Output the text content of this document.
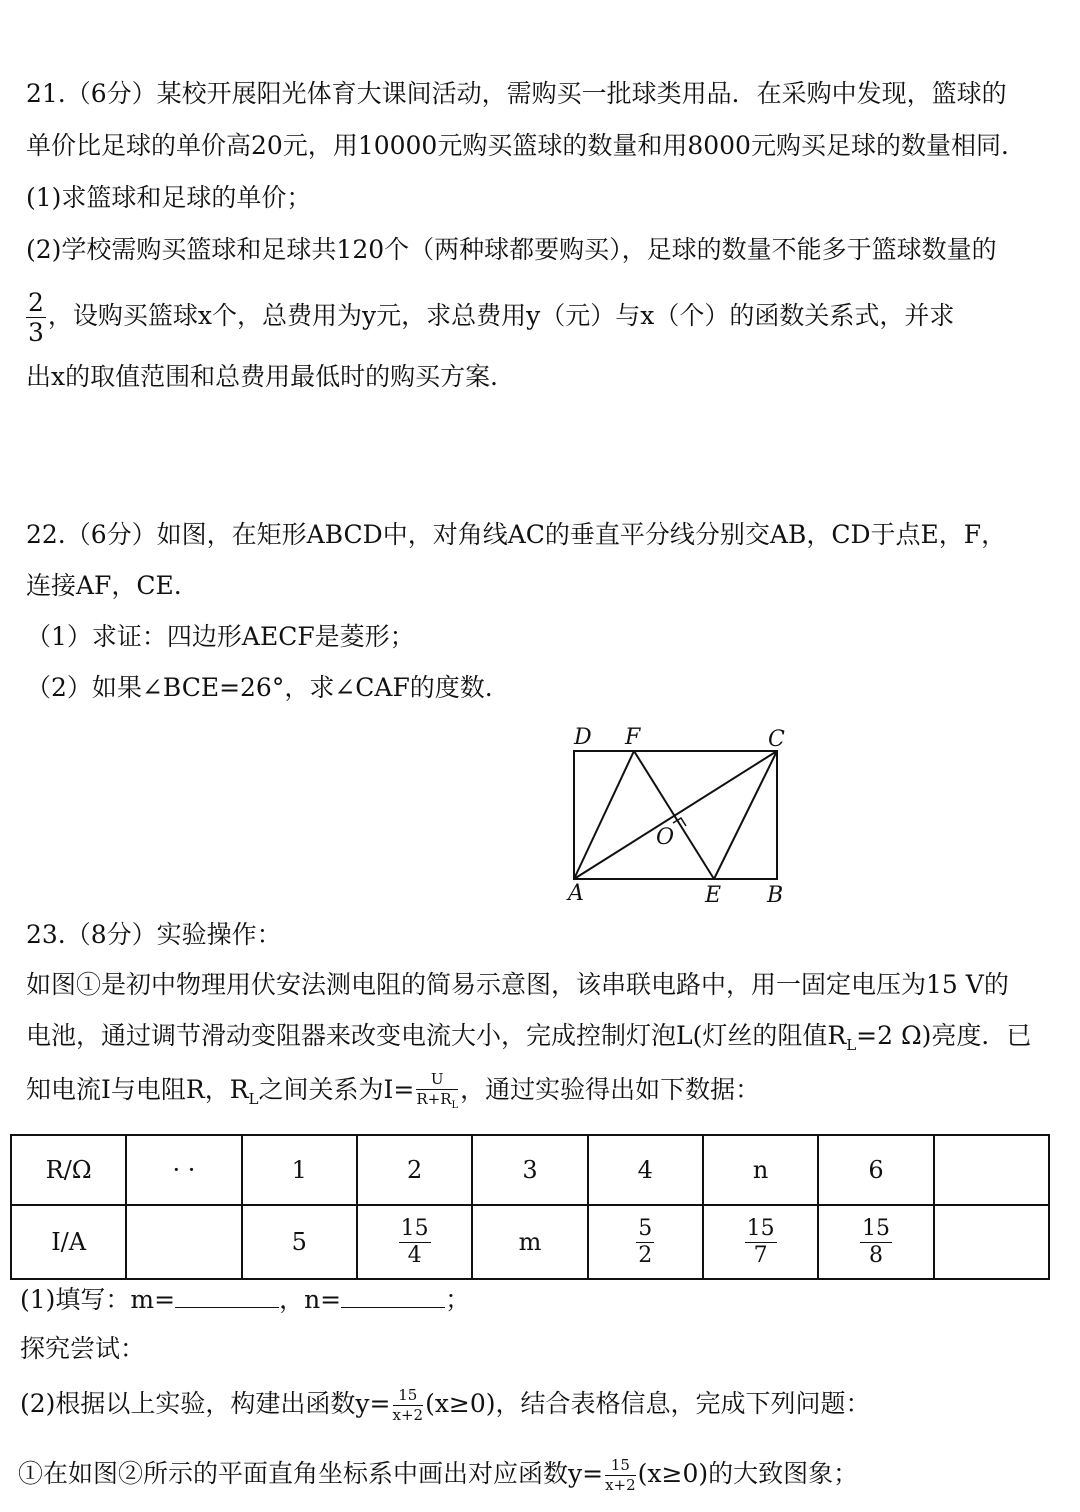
21.（6分）某校开展阳光体育大课间活动，需购买一批球类用品．在采购中发现，篮球的
单价比足球的单价高20元，用10000元购买篮球的数量和用8000元购买足球的数量相同．
(1)求篮球和足球的单价；
(2)学校需购买篮球和足球共120个（两种球都要购买），足球的数量不能多于篮球数量的
$\frac{2}{3}$ ，设购买篮球x个，总费用为y元，求总费用y（元）与x（个）的函数关系式，并求
出x的取值范围和总费用最低时的购买方案．
22.（6分）如图，在矩形ABCD中，对角线AC的垂直平分线分别交AB，CD于点E，F，
连接AF，CE.
（1）求证：四边形AECF是菱形；
（2）如果∠BCE=26°，求∠CAF的度数.
D F	C
O
A	E B
23.（8分）实验操作：
如图①是初中物理用伏安法测电阻的简易示意图，该串联电路中，用一固定电压为15 V的
电池，通过调节滑动变阻器来改变电流大小，完成控制灯泡L(灯丝的阻值$R_L=2$ Ω)亮度．已
知电流I与电阻R，$R_L$之间关系为$I= \frac{U}{R+R_L}$ ，通过实验得出如下数据：
R/Ω	· ·	1	2	3	4	n	6	
I/A		5	$\frac{15}{4}$	m	$\frac{5}{2}$	$\frac{15}{7}$	$\frac{15}{8}$

(1)填写：m=	，n=	；
探究尝试：
(2)根据以上实验，构建出函数$y= \frac{15}{x+2} (x\ge 0)$，结合表格信息，完成下列问题：
①在如图②所示的平面直角坐标系中画出对应函数$y= \frac{15}{x+2} (x\ge 0)$的大致图象；
